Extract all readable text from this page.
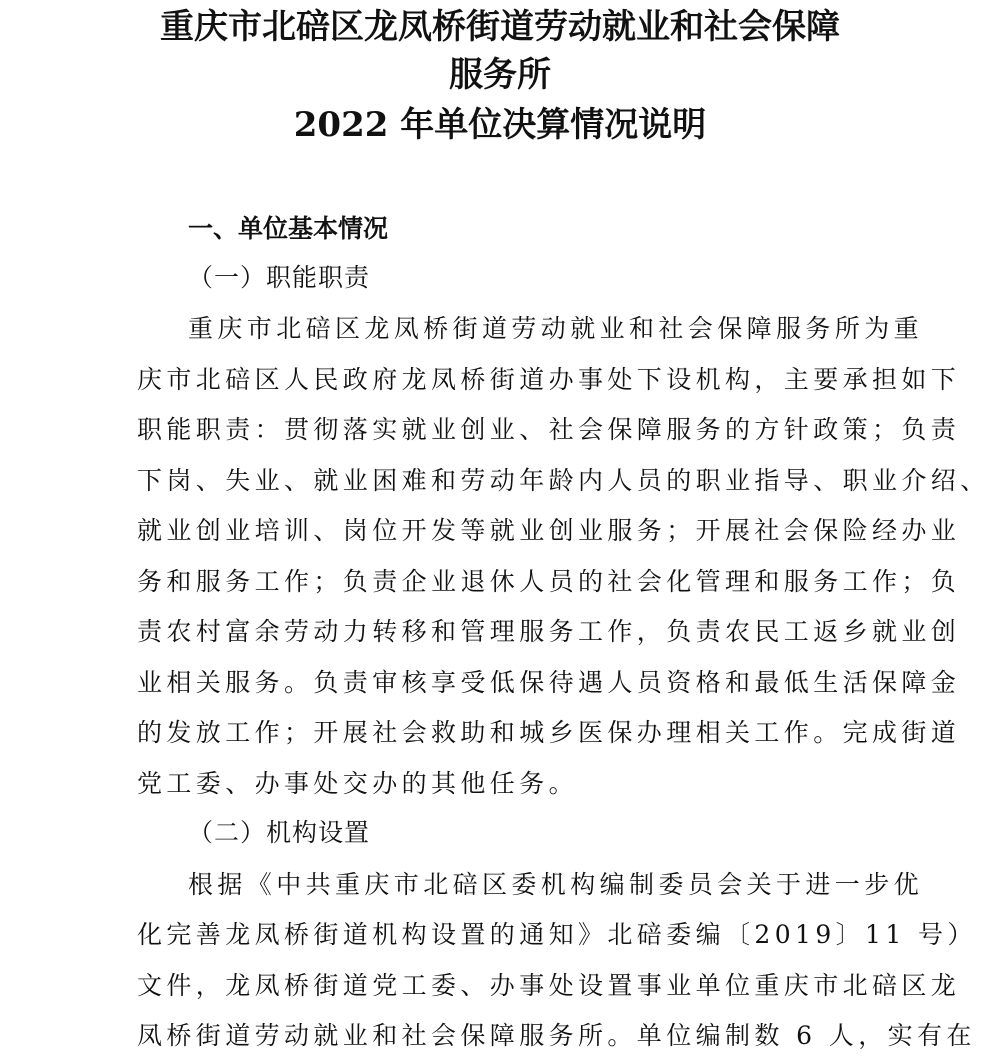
重庆市北碚区龙凤桥街道劳动就业和社会保障
服务所
2022 年单位决算情况说明
一、单位基本情况
（一）职能职责
重庆市北碚区龙凤桥街道劳动就业和社会保障服务所为重
庆市北碚区人民政府龙凤桥街道办事处下设机构，主要承担如下
职能职责：贯彻落实就业创业、社会保障服务的方针政策；负责
下岗、失业、就业困难和劳动年龄内人员的职业指导、职业介绍、
就业创业培训、岗位开发等就业创业服务；开展社会保险经办业
务和服务工作；负责企业退休人员的社会化管理和服务工作；负
责农村富余劳动力转移和管理服务工作，负责农民工返乡就业创
业相关服务。负责审核享受低保待遇人员资格和最低生活保障金
的发放工作；开展社会救助和城乡医保办理相关工作。完成街道
党工委、办事处交办的其他任务。
（二）机构设置
根据《中共重庆市北碚区委机构编制委员会关于进一步优
化完善龙凤桥街道机构设置的通知》北碚委编〔2019〕11 号）
文件，龙凤桥街道党工委、办事处设置事业单位重庆市北碚区龙
凤桥街道劳动就业和社会保障服务所。单位编制数 6 人，实有在
